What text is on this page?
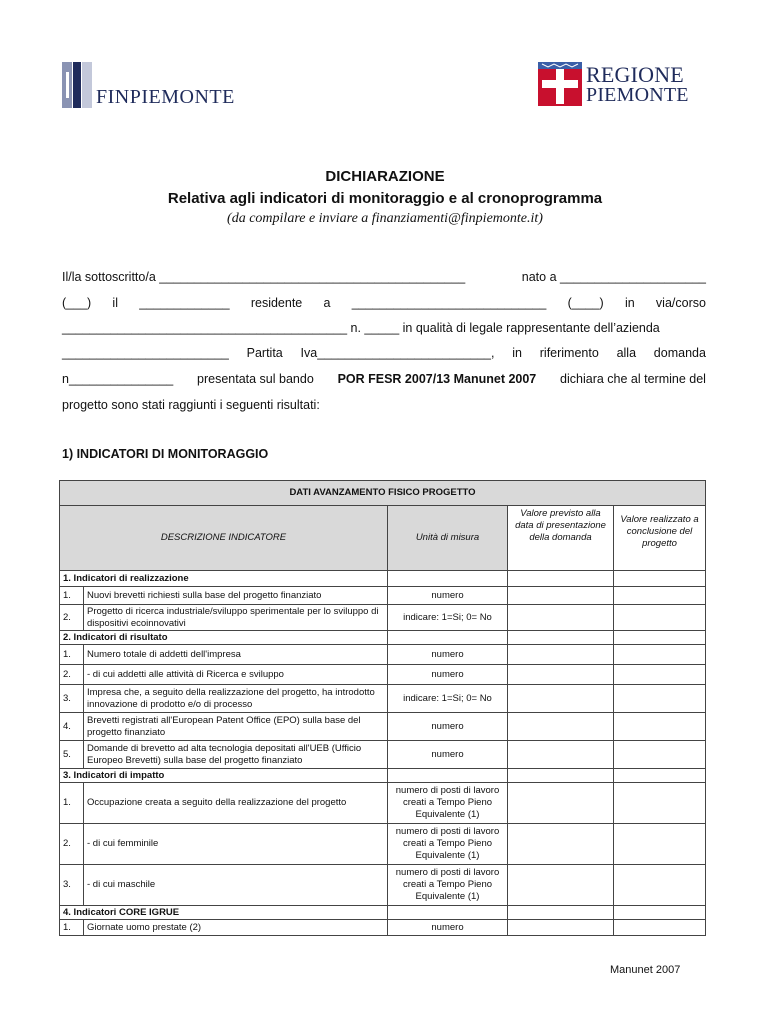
FINPIEMONTE
REGIONE
PIEMONTE
DICHIARAZIONE
Relativa agli indicatori di monitoraggio e al cronoprogramma
(da compilare e inviare a finanziamenti@finpiemonte.it)
Il/la sottoscritto/a ____________________________________________	nato a _____________________
(___) il _____________ residente a ____________________________ (____) in via/corso
_________________________________________ n. _____ in qualità di legale rappresentante dell’azienda
________________________ Partita Iva_________________________, in riferimento alla domanda
n_______________ presentata sul bando POR FESR 2007/13 Manunet 2007 dichiara che al termine del
progetto sono stati raggiunti i seguenti risultati:
1) INDICATORI DI MONITORAGGIO
DATI AVANZAMENTO FISICO PROGETTO				
DESCRIZIONE INDICATORE		Unità di misura	Valore previsto alla data di presentazione della domanda	Valore realizzato a conclusione del progetto
1. Indicatori di realizzazione				
1.	Nuovi brevetti richiesti sulla base del progetto finanziato	numero		
2.	Progetto di ricerca industriale/sviluppo sperimentale per lo sviluppo di dispositivi ecoinnovativi	indicare: 1=Si; 0= No		
2. Indicatori di risultato				
1.	Numero totale di addetti dell'impresa	numero		
2.	- di cui addetti alle attività di Ricerca e sviluppo	numero		
3.	Impresa che, a seguito della realizzazione del progetto, ha introdotto innovazione di prodotto e/o di processo	indicare: 1=Si; 0= No		
4.	Brevetti registrati all'European Patent Office (EPO) sulla base del progetto finanziato	numero		
5.	Domande di brevetto ad alta tecnologia depositati all'UEB (Ufficio Europeo Brevetti) sulla base del progetto finanziato	numero		
3. Indicatori di impatto				
1.	Occupazione creata a seguito della realizzazione del progetto	numero di posti di lavoro creati a Tempo Pieno Equivalente (1)		
2.	- di cui femminile	numero di posti di lavoro creati a Tempo Pieno Equivalente (1)		
3.	- di cui maschile	numero di posti di lavoro creati a Tempo Pieno Equivalente (1)		
4. Indicatori CORE IGRUE				
1.	Giornate uomo prestate (2)	numero		
Manunet 2007
